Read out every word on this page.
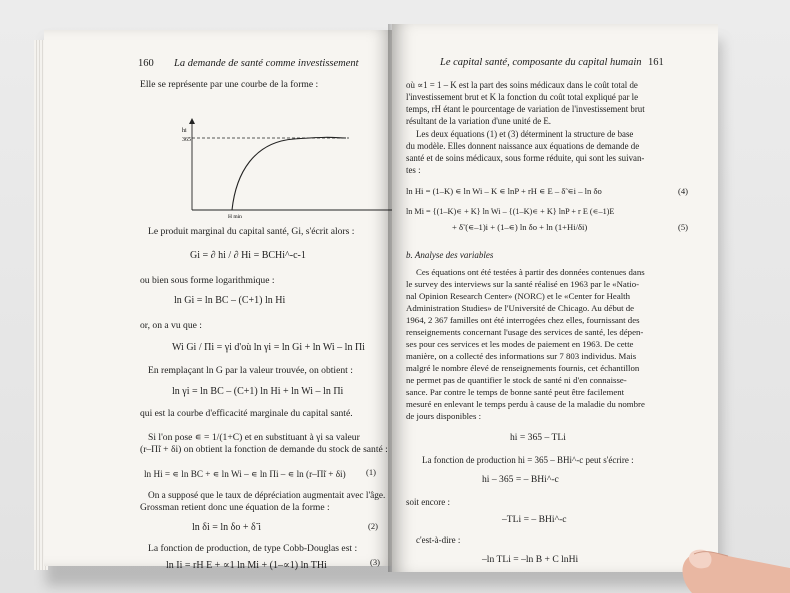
160 La demande de santé comme investissement
Elle se représente par une courbe de la forme :
hi
365
H min
Le produit marginal du capital santé, Gi, s'écrit alors :
Gi = ∂ hi / ∂ Hi = BCHi^-c-1
ou bien sous forme logarithmique :
ln Gi = ln BC – (C+1) ln Hi
or, on a vu que :
Wi Gi / Πi = γi d'où ln γi = ln Gi + ln Wi – ln Πi
En remplaçant ln G par la valeur trouvée, on obtient :
ln γi = ln BC – (C+1) ln Hi + ln Wi – ln Πi
qui est la courbe d'efficacité marginale du capital santé.
Si l'on pose ∊ = 1/(1+C) et en substituant à γi sa valeur
(r–Π̃i + δi) on obtient la fonction de demande du stock de santé :
ln Hi = ∊ ln BC + ∊ ln Wi – ∊ ln Πi – ∊ ln (r–Π̃i + δi) (1)
On a supposé que le taux de dépréciation augmentait avec l'âge.
Grossman retient donc une équation de la forme :
ln δi = ln δo + δ̃ i	(2)
La fonction de production, de type Cobb-Douglas est :
ln Ii = rH E + ∝1 ln Mi + (1–∝1) ln THi	(3)
Le capital santé, composante du capital humain 161
où ∝1 = 1 – K est la part des soins médicaux dans le coût total de
l'investissement brut et K la fonction du coût total expliqué par le
temps, rH étant le pourcentage de variation de l'investissement brut
résultant de la variation d'une unité de E.
Les deux équations (1) et (3) déterminent la structure de base
du modèle. Elles donnent naissance aux équations de demande de
santé et de soins médicaux, sous forme réduite, qui sont les suivan-
tes :
ln Hi = (1–K) ∊ ln Wi – K ∊ lnP + rH ∊ E – δ̃ ∊i – ln δo	(4)
ln Mi = {(1–K)∊ + K} ln Wi – {(1–K)∊ + K} lnP + r E (∊–1)E
+ δ̃ (∊–1)i + (1–∊) ln δo + ln (1+Hi/δi)	(5)
b. Analyse des variables
Ces équations ont été testées à partir des données contenues dans
le survey des interviews sur la santé réalisé en 1963 par le «Natio-
nal Opinion Research Center» (NORC) et le «Center for Health
Administration Studies» de l'Université de Chicago. Au début de
1964, 2 367 familles ont été interrogées chez elles, fournissant des
renseignements concernant l'usage des services de santé, les dépen-
ses pour ces services et les modes de paiement en 1963. De cette
manière, on a collecté des informations sur 7 803 individus. Mais
malgré le nombre élevé de renseignements fournis, cet échantillon
ne permet pas de quantifier le stock de santé ni d'en connaisse-
sance. Par contre le temps de bonne santé peut être facilement
mesuré en enlevant le temps perdu à cause de la maladie du nombre
de jours disponibles :
hi = 365 – TLi
La fonction de production hi = 365 – BHi^-c peut s'écrire :
hi – 365 = – BHi^-c
soit encore :
–TLi = – BHi^-c
c'est-à-dire :
–ln TLi = –ln B + C lnHi
